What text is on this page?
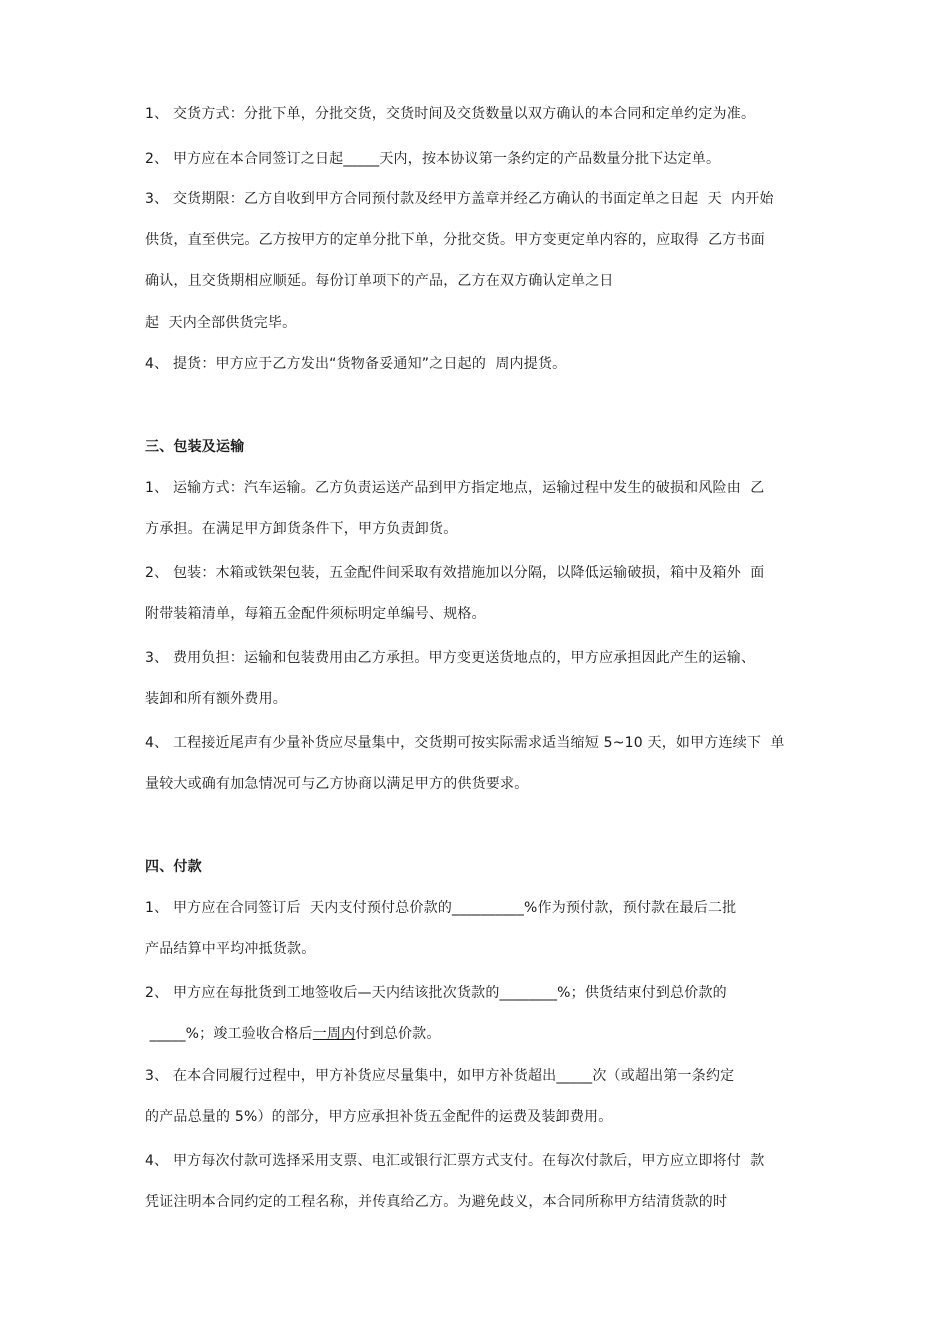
1、 交货方式：分批下单，分批交货，交货时间及交货数量以双方确认的本合同和定单约定为准。
2、 甲方应在本合同签订之日起_____天内，按本协议第一条约定的产品数量分批下达定单。
3、 交货期限：乙方自收到甲方合同预付款及经甲方盖章并经乙方确认的书面定单之日起  天  内开始
供货，直至供完。乙方按甲方的定单分批下单，分批交货。甲方变更定单内容的，应取得  乙方书面
确认，且交货期相应顺延。每份订单项下的产品，乙方在双方确认定单之日
起  天内全部供货完毕。
4、 提货：甲方应于乙方发出“货物备妥通知”之日起的  周内提货。
三、包装及运输
1、 运输方式：汽车运输。乙方负责运送产品到甲方指定地点，运输过程中发生的破损和风险由  乙
方承担。在满足甲方卸货条件下，甲方负责卸货。
2、 包装：木箱或铁架包装，五金配件间采取有效措施加以分隔，以降低运输破损，箱中及箱外  面
附带装箱清单，每箱五金配件须标明定单编号、规格。
3、 费用负担：运输和包装费用由乙方承担。甲方变更送货地点的，甲方应承担因此产生的运输、
装卸和所有额外费用。
4、 工程接近尾声有少量补货应尽量集中，交货期可按实际需求适当缩短 5~10 天，如甲方连续下  单
量较大或确有加急情况可与乙方协商以满足甲方的供货要求。
四、付款
1、 甲方应在合同签订后  天内支付预付总价款的__________%作为预付款，预付款在最后二批
产品结算中平均冲抵货款。
2、 甲方应在每批货到工地签收后—天内结该批次货款的________%；供货结束付到总价款的
_____%；竣工验收合格后一周内付到总价款。
3、 在本合同履行过程中，甲方补货应尽量集中，如甲方补货超出_____次（或超出第一条约定
的产品总量的 5%）的部分，甲方应承担补货五金配件的运费及装卸费用。
4、 甲方每次付款可选择采用支票、电汇或银行汇票方式支付。在每次付款后，甲方应立即将付  款
凭证注明本合同约定的工程名称，并传真给乙方。为避免歧义，本合同所称甲方结清货款的时
